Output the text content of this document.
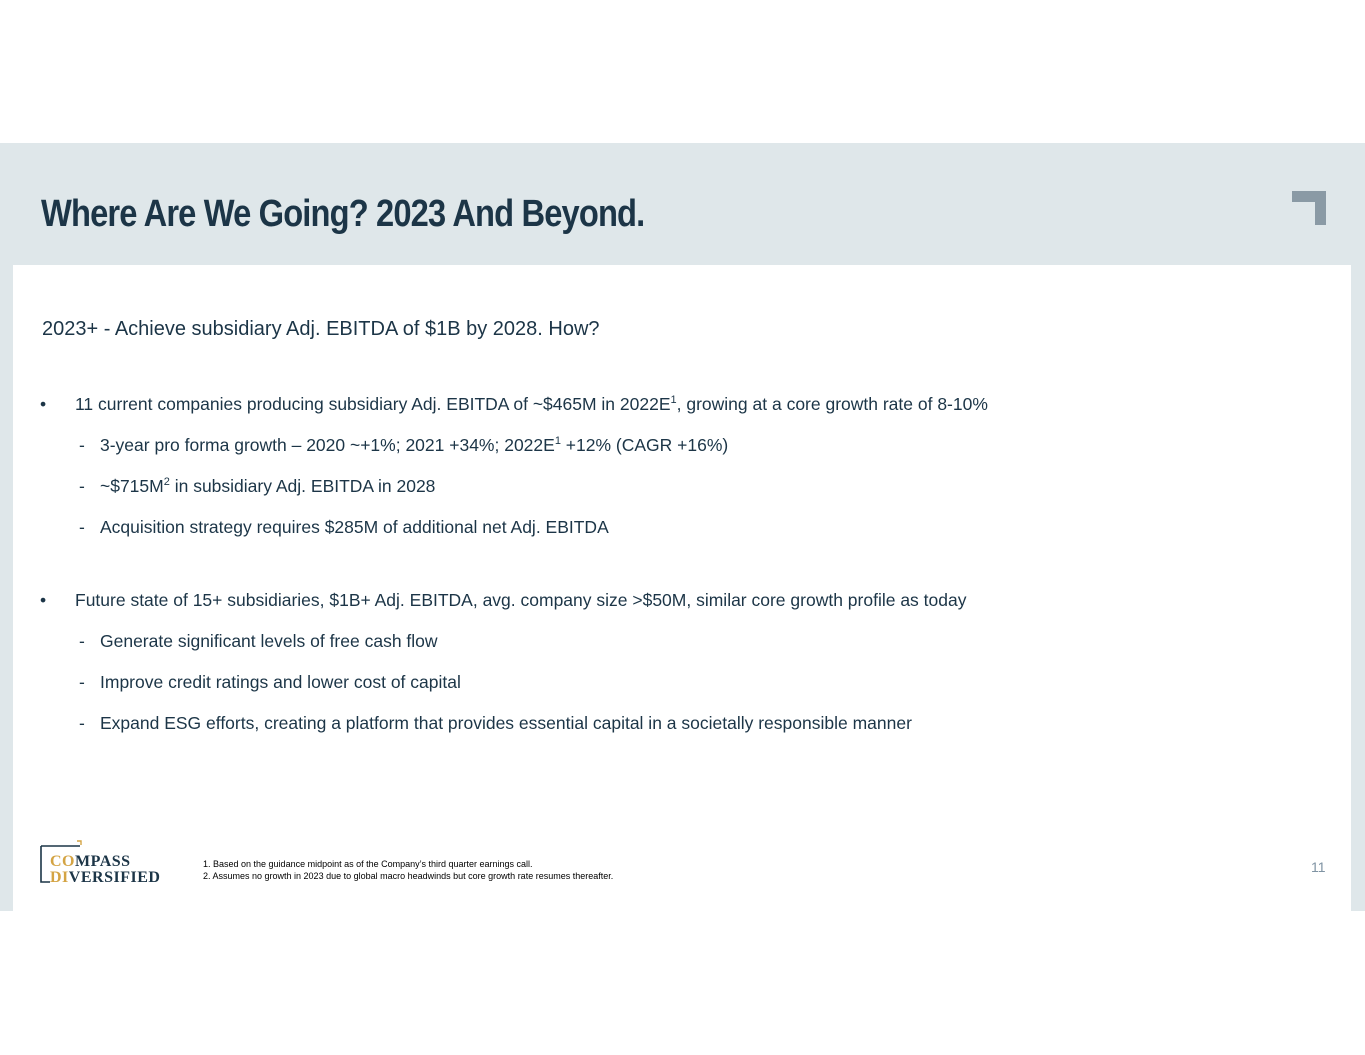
Where Are We Going? 2023 And Beyond.

2023+ - Achieve subsidiary Adj. EBITDA of $1B by 2028. How?

• 11 current companies producing subsidiary Adj. EBITDA of ~$465M in $2022E^1$, growing at a core growth rate of 8-10%
- 3-year pro forma growth – 2020 ~+1%; 2021 +34%; $2022E^1 +12\%$ (CAGR +16%)
- $\sim\$715M^2$ in subsidiary Adj. EBITDA in 2028
- Acquisition strategy requires $285M of additional net Adj. EBITDA
• Future state of 15+ subsidiaries, $1B+ Adj. EBITDA, avg. company size >$50M, similar core growth profile as today
- Generate significant levels of free cash flow
- Improve credit ratings and lower cost of capital
- Expand ESG efforts, creating a platform that provides essential capital in a societally responsible manner
COMPASS
DIVERSIFIED
1. Based on the guidance midpoint as of the Company’s third quarter earnings call.
2. Assumes no growth in 2023 due to global macro headwinds but core growth rate resumes thereafter.
11
